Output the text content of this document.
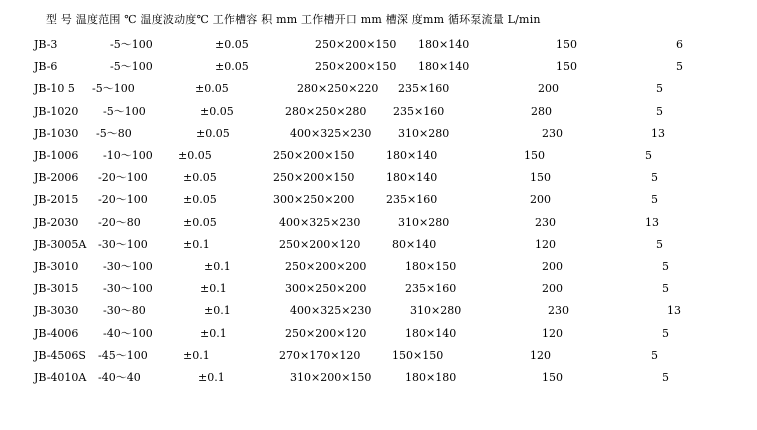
型 号 温度范围 ℃ 温度波动度℃ 工作槽容 积 mm 工作槽开口 mm 槽深 度mm 循环泵流量 L/min
JB-3	-5～100	±0.05	250×200×150 180×140	150	6
JB-6	-5～100	±0.05	250×200×150 180×140	150	5
JB-10 5 -5～100	±0.05	280×250×220 235×160	200	5
JB-1020 -5～100	±0.05	280×250×280 235×160	280	5
JB-1030 -5～80	±0.05	400×325×230 310×280	230	13
JB-1006 -10～100 ±0.05	250×200×150	180×140	150	5
JB-2006 -20～100	±0.05	250×200×150	180×140	150	5
JB-2015 -20～100	±0.05	300×250×200	235×160	200	5
JB-2030 -20～80	±0.05	400×325×230	310×280	230	13
JB-3005A -30～100	±0.1	250×200×120	80×140	120	5
JB-3010 -30～100	±0.1	250×200×200	180×150	200	5
JB-3015 -30～100	±0.1	300×250×200	235×160	200	5
JB-3030 -30～80	±0.1	400×325×230	310×280	230	13
JB-4006 -40～100	±0.1	250×200×120	180×140	120	5
JB-4506S -45～100	±0.1	270×170×120	150×150	120	5
JB-4010A -40～40	±0.1	310×200×150	180×180	150	5
